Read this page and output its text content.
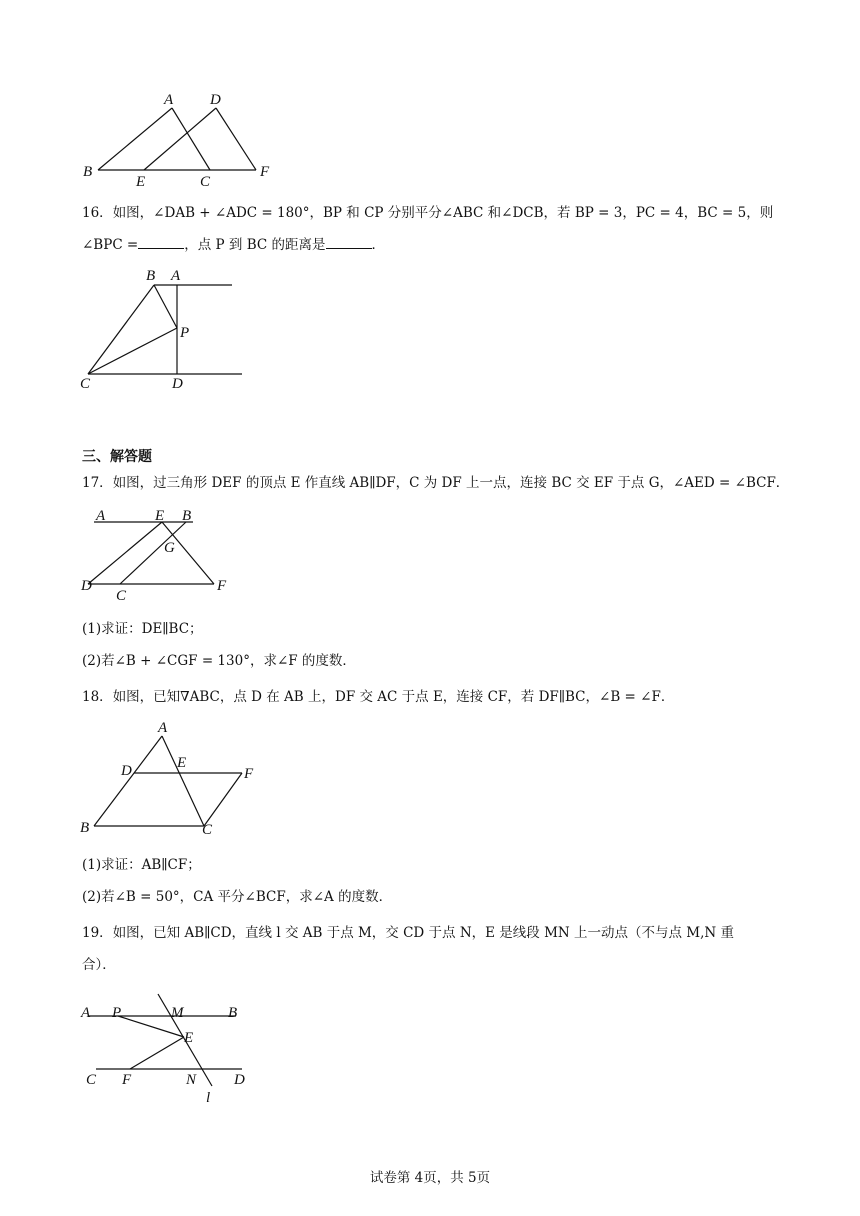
A D
B
E	C
F
16．如图，∠DAB + ∠ADC = 180°，BP 和 CP 分别平分∠ABC 和∠DCB，若 BP = 3，PC = 4，BC = 5，则
∠BPC =	，点 P 到 BC 的距离是	．
B A
P
C	D
三、解答题
17．如图，过三角形 DEF 的顶点 E 作直线 AB∥DF，C 为 DF 上一点，连接 BC 交 EF 于点 G，∠AED = ∠BCF．
A	E B
G
D
C
F
(1)求证：DE∥BC；
(2)若∠B + ∠CGF = 130°，求∠F 的度数．
18．如图，已知∇ABC，点 D 在 AB 上，DF 交 AC 于点 E，连接 CF，若 DF∥BC，∠B = ∠F．
A
D	E
F
B	C
(1)求证：AB∥CF；
(2)若∠B = 50°，CA 平分∠BCF，求∠A 的度数．
19．如图，已知 AB∥CD，直线 l 交 AB 于点 M，交 CD 于点 N，E 是线段 MN 上一动点（不与点 M,N 重
合）．
A P	M	B
E
C F	N	D
l
试卷第 4页，共 5页
